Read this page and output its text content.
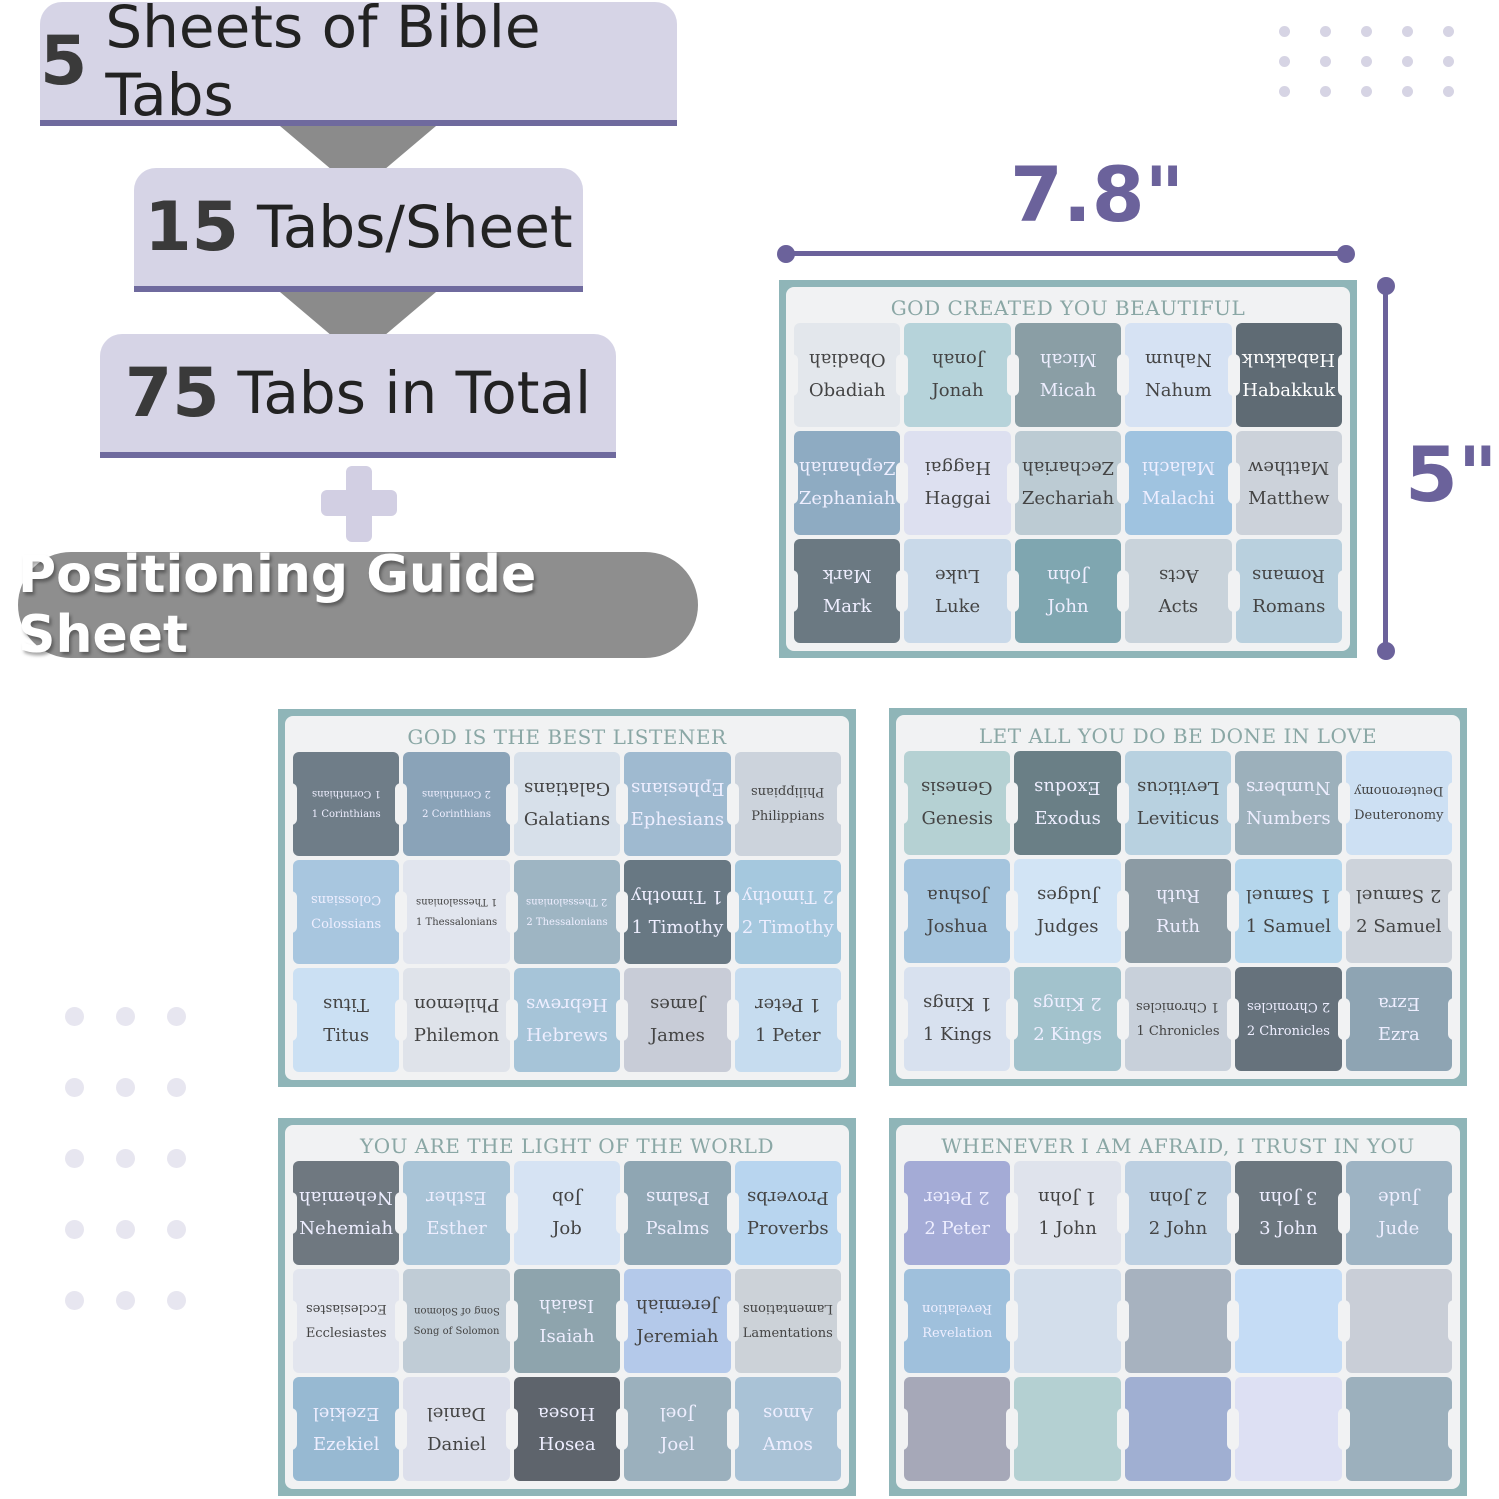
5 Sheets of Bible Tabs
15 Tabs/Sheet
75 Tabs in Total
Positioning Guide Sheet
7.8"
5"
GOD CREATED YOU BEAUTIFUL
Obadiah
Obadiah
Jonah
Jonah
Micah
Micah
Nahum
Nahum
Habakkuk
Habakkuk
Zephaniah
Zephaniah
Haggai
Haggai
Zechariah
Zechariah
Malachi
Malachi
Matthew
Matthew
Mark
Mark
Luke
Luke
John
John
Acts
Acts
Romans
Romans
GOD IS THE BEST LISTENER
1 Corinthians
1 Corinthians
2 Corinthians
2 Corinthians
Galatians
Galatians
Ephesians
Ephesians
Philippians
Philippians
Colossians
Colossians
1 Thessalonians
1 Thessalonians
2 Thessalonians
2 Thessalonians
1 Timothy
1 Timothy
2 Timothy
2 Timothy
Titus
Titus
Philemon
Philemon
Hebrews
Hebrews
James
James
1 Peter
1 Peter
LET ALL YOU DO BE DONE IN LOVE
Genesis
Genesis
Exodus
Exodus
Leviticus
Leviticus
Numbers
Numbers
Deuteronomy
Deuteronomy
Joshua
Joshua
Judges
Judges
Ruth
Ruth
1 Samuel
1 Samuel
2 Samuel
2 Samuel
1 Kings
1 Kings
2 Kings
2 Kings
1 Chronicles
1 Chronicles
2 Chronicles
2 Chronicles
Ezra
Ezra
YOU ARE THE LIGHT OF THE WORLD
Nehemiah
Nehemiah
Esther
Esther
Job
Job
Psalms
Psalms
Proverbs
Proverbs
Ecclesiastes
Ecclesiastes
Song of Solomon
Song of Solomon
Isaiah
Isaiah
Jeremiah
Jeremiah
Lamentations
Lamentations
Ezekiel
Ezekiel
Daniel
Daniel
Hosea
Hosea
Joel
Joel
Amos
Amos
WHENEVER I AM AFRAID, I TRUST IN YOU
2 Peter
2 Peter
1 John
1 John
2 John
2 John
3 John
3 John
Jude
Jude
Revelation
Revelation
